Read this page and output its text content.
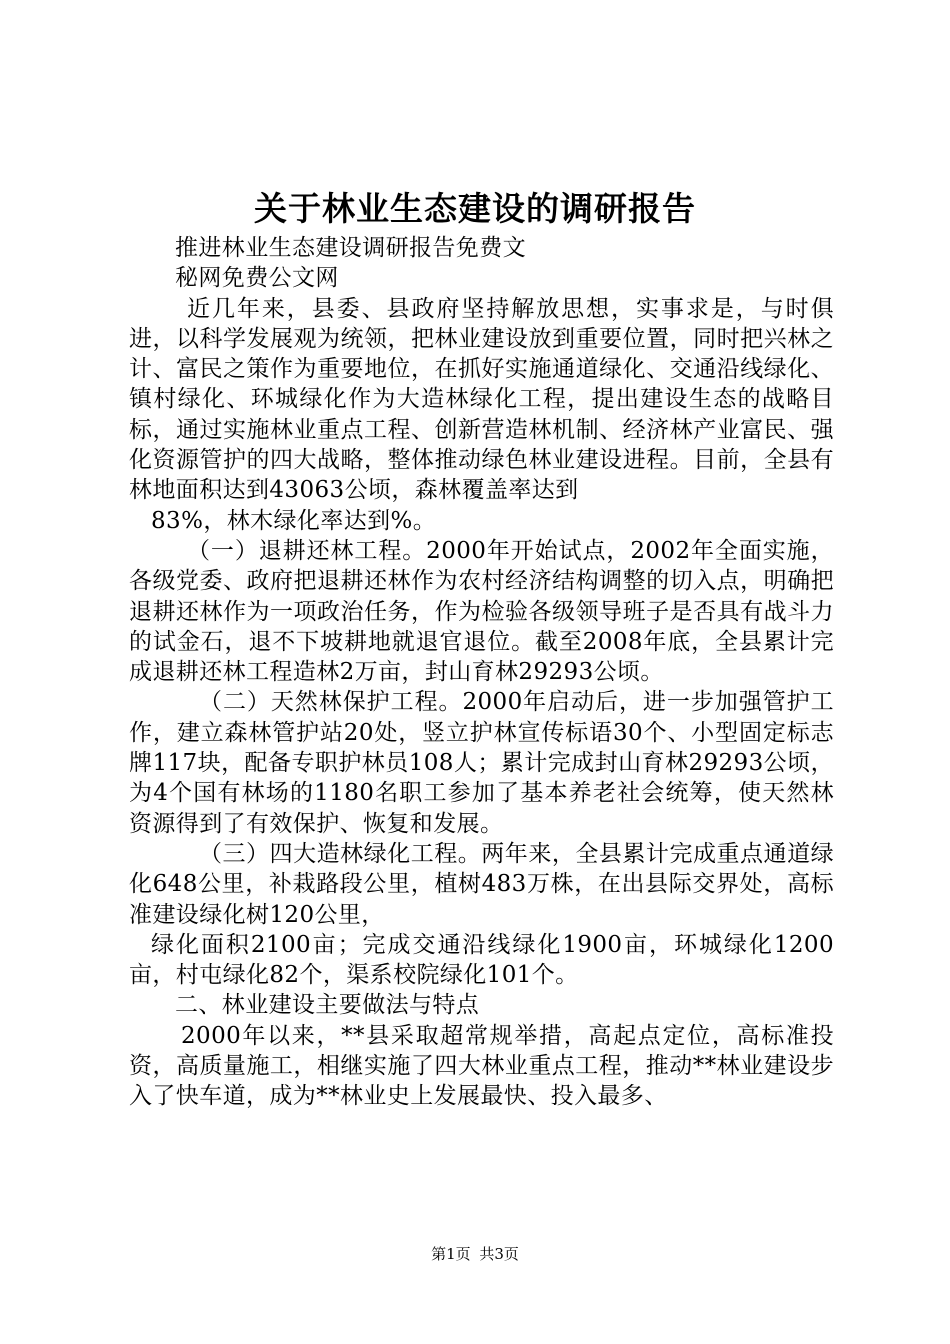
关于林业生态建设的调研报告

推进林业生态建设调研报告免费文

秘网免费公文网

近几年来，县委、县政府坚持解放思想，实事求是，与时俱进，以科学发展观为统领，把林业建设放到重要位置，同时把兴林之计、富民之策作为重要地位，在抓好实施通道绿化、交通沿线绿化、镇村绿化、环城绿化作为大造林绿化工程，提出建设生态的战略目标，通过实施林业重点工程、创新营造林机制、经济林产业富民、强化资源管护的四大战略，整体推动绿色林业建设进程。目前，全县有林地面积达到43063公顷，森林覆盖率达到

83%，林木绿化率达到%。

（一）退耕还林工程。2000年开始试点，2002年全面实施，各级党委、政府把退耕还林作为农村经济结构调整的切入点，明确把退耕还林作为一项政治任务，作为检验各级领导班子是否具有战斗力的试金石，退不下坡耕地就退官退位。截至2008年底，全县累计完成退耕还林工程造林2万亩，封山育林29293公顷。

（二）天然林保护工程。2000年启动后，进一步加强管护工作，建立森林管护站20处，竖立护林宣传标语30个、小型固定标志牌117块，配备专职护林员108人；累计完成封山育林29293公顷，为4个国有林场的1180名职工参加了基本养老社会统筹，使天然林资源得到了有效保护、恢复和发展。

（三）四大造林绿化工程。两年来，全县累计完成重点通道绿化648公里，补栽路段公里，植树483万株，在出县际交界处，高标准建设绿化树120公里，

绿化面积2100亩；完成交通沿线绿化1900亩，环城绿化1200亩，村屯绿化82个，渠系校院绿化101个。

二、林业建设主要做法与特点

2000年以来，**县采取超常规举措，高起点定位，高标准投资，高质量施工，相继实施了四大林业重点工程，推动**林业建设步入了快车道，成为**林业史上发展最快、投入最多、

第1页 共3页
